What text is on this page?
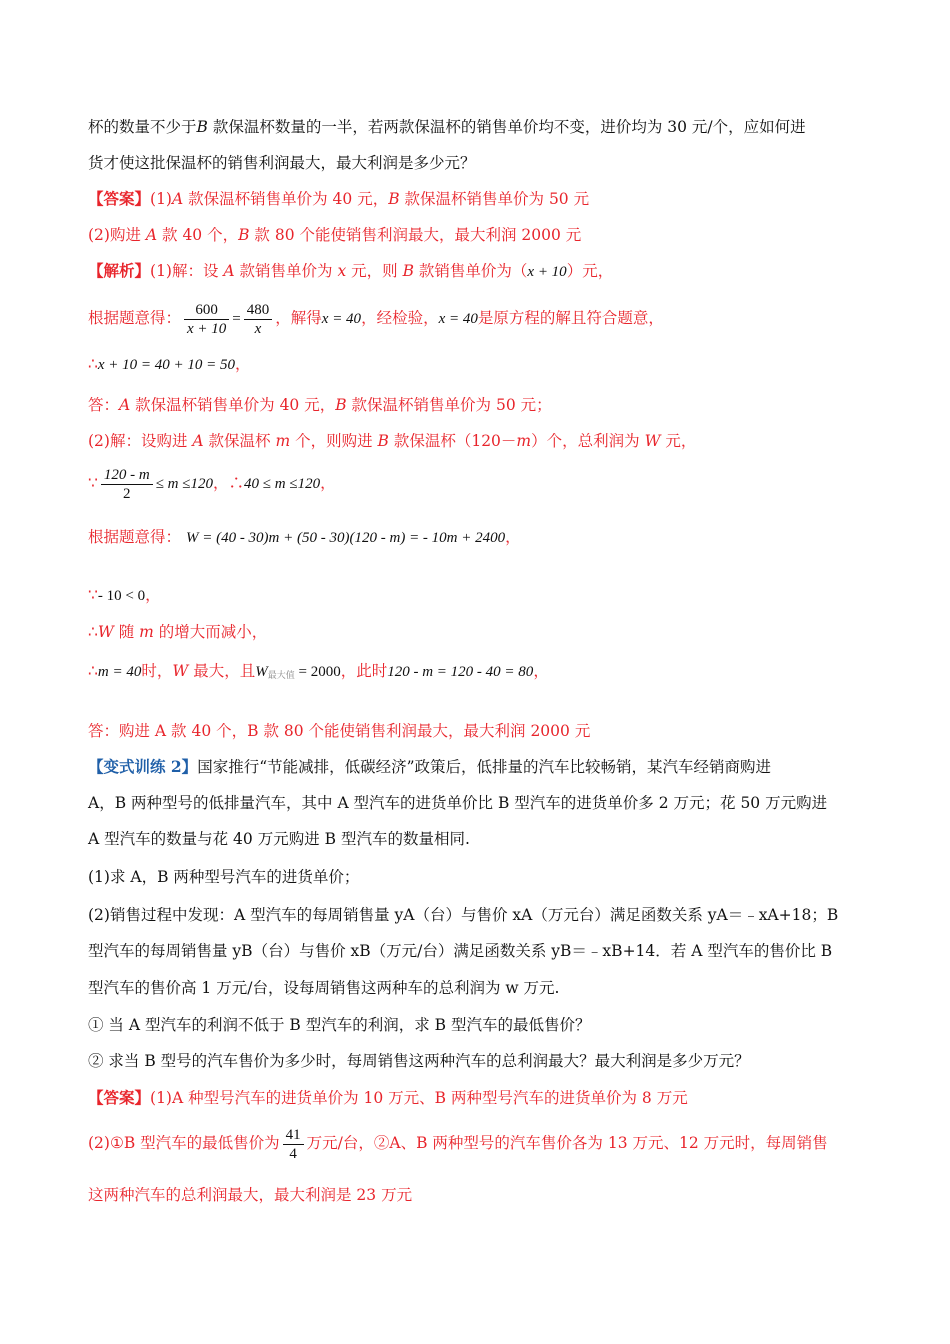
杯的数量不少于B 款保温杯数量的一半，若两款保温杯的销售单价均不变，进价均为 30 元/个，应如何进
货才使这批保温杯的销售利润最大，最大利润是多少元？
【答案】(1)A 款保温杯销售单价为 40 元，B 款保温杯销售单价为 50 元
(2)购进 A 款 40 个，B 款 80 个能使销售利润最大，最大利润 2000 元
【解析】(1)解：设 A 款销售单价为 x 元，则 B 款销售单价为（x + 10）元，
根据题意得： $\frac{600}{x + 10} = \frac{480}{x}$ ，解得x = 40，经检验，x = 40是原方程的解且符合题意，
∴x + 10 = 40 + 10 = 50，
答：A 款保温杯销售单价为 40 元，B 款保温杯销售单价为 50 元；
(2)解：设购进 A 款保温杯 m 个，则购进 B 款保温杯（120－m）个，总利润为 W 元，
∵ $\frac{120 - m}{2} \le m \le 120$，∴40 ≤ m ≤120，
根据题意得： W = (40 - 30)m + (50 - 30)(120 - m) = - 10m + 2400，
∵- 10 < 0，
∴W 随 m 的增大而减小，
∴m = 40时，W 最大，且$W_{最大值} = 2000$，此时120 - m = 120 - 40 = 80，
答：购进 A 款 40 个，B 款 80 个能使销售利润最大，最大利润 2000 元
【变式训练 2】国家推行“节能减排，低碳经济”政策后，低排量的汽车比较畅销，某汽车经销商购进
A，B 两种型号的低排量汽车，其中 A 型汽车的进货单价比 B 型汽车的进货单价多 2 万元；花 50 万元购进
A 型汽车的数量与花 40 万元购进 B 型汽车的数量相同.
(1)求 A，B 两种型号汽车的进货单价；
(2)销售过程中发现：A 型汽车的每周销售量 yA（台）与售价 xA（万元台）满足函数关系 yA＝﹣xA+18；B
型汽车的每周销售量 yB（台）与售价 xB（万元/台）满足函数关系 yB＝﹣xB+14．若 A 型汽车的售价比 B
型汽车的售价高 1 万元/台，设每周销售这两种车的总利润为 w 万元.
① 当 A 型汽车的利润不低于 B 型汽车的利润，求 B 型汽车的最低售价？
② 求当 B 型号的汽车售价为多少时，每周销售这两种汽车的总利润最大？最大利润是多少万元？
【答案】(1)A 种型号汽车的进货单价为 10 万元、B 两种型号汽车的进货单价为 8 万元
(2)①B 型汽车的最低售价为 $\frac{41}{4}$ 万元/台，②A、B 两种型号的汽车售价各为 13 万元、12 万元时，每周销售
这两种汽车的总利润最大，最大利润是 23 万元
